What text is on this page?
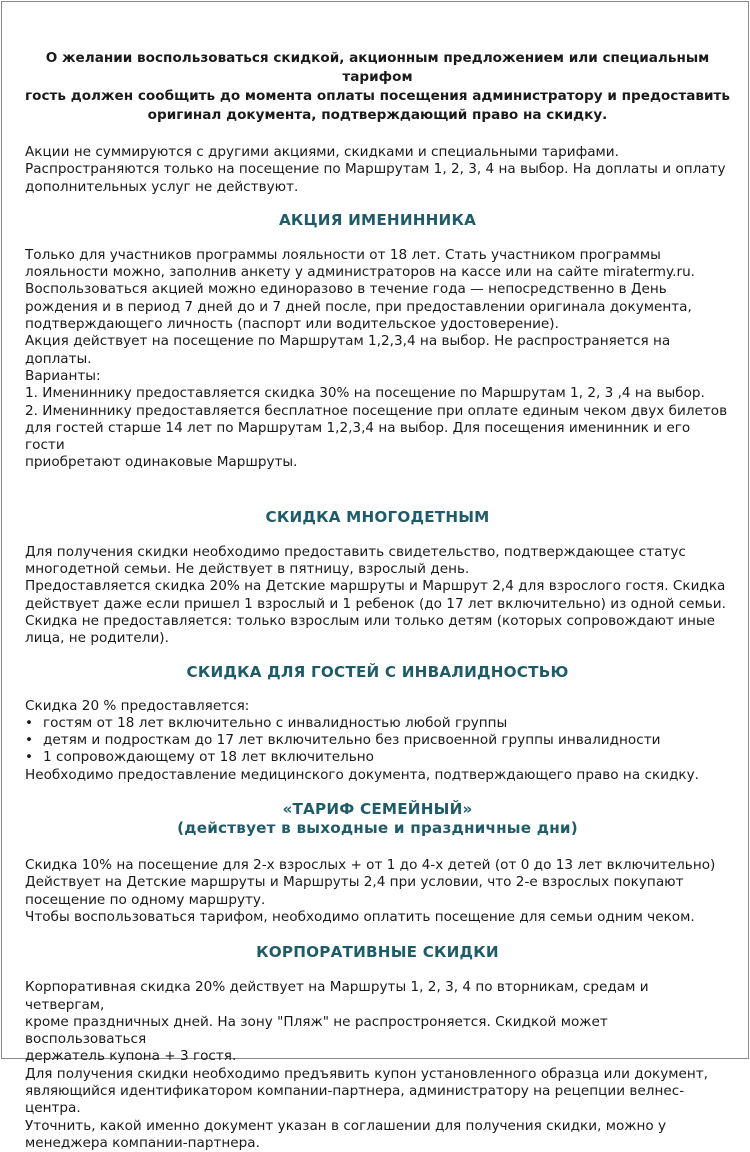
О желании воспользоваться скидкой, акционным предложением или специальным тарифом
гость должен сообщить до момента оплаты посещения администратору и предоставить
оригинал документа, подтверждающий право на скидку.
Акции не суммируются с другими акциями, скидками и специальными тарифами.
Распространяются только на посещение по Маршрутам 1, 2, 3, 4 на выбор. На доплаты и оплату
дополнительных услуг не действуют.
АКЦИЯ ИМЕНИННИКА
Только для участников программы лояльности от 18 лет. Стать участником программы
лояльности можно, заполнив анкету у администраторов на кассе или на сайте miratermy.ru.
Воспользоваться акцией можно единоразово в течение года — непосредственно в День
рождения и в период 7 дней до и 7 дней после, при предоставлении оригинала документа,
подтверждающего личность (паспорт или водительское удостоверение).
Акция действует на посещение по Маршрутам 1,2,3,4 на выбор. Не распространяется на доплаты.
Варианты:
1. Имениннику предоставляется скидка 30% на посещение по Маршрутам 1, 2, 3 ,4 на выбор.
2. Имениннику предоставляется бесплатное посещение при оплате единым чеком двух билетов
для гостей старше 14 лет по Маршрутам 1,2,3,4 на выбор. Для посещения именинник и его гости
приобретают одинаковые Маршруты.
СКИДКА МНОГОДЕТНЫМ
Для получения скидки необходимо предоставить свидетельство, подтверждающее статус
многодетной семьи. Не действует в пятницу, взрослый день.
Предоставляется скидка 20% на Детские маршруты и Маршрут 2,4 для взрослого гостя. Скидка
действует даже если пришел 1 взрослый и 1 ребенок (до 17 лет включительно) из одной семьи.
Скидка не предоставляется: только взрослым или только детям (которых сопровождают иные
лица, не родители).
СКИДКА ДЛЯ ГОСТЕЙ С ИНВАЛИДНОСТЬЮ
Скидка 20 % предоставляется:
• гостям от 18 лет включительно с инвалидностью любой группы
• детям и подросткам до 17 лет включительно без присвоенной группы инвалидности
• 1 сопровождающему от 18 лет включительно
Необходимо предоставление медицинского документа, подтверждающего право на скидку.
«ТАРИФ СЕМЕЙНЫЙ»
(действует в выходные и праздничные дни)
Скидка 10% на посещение для 2-х взрослых + от 1 до 4-х детей (от 0 до 13 лет включительно)
Действует на Детские маршруты и Маршруты 2,4 при условии, что 2-е взрослых покупают
посещение по одному маршруту.
Чтобы воспользоваться тарифом, необходимо оплатить посещение для семьи одним чеком.
КОРПОРАТИВНЫЕ СКИДКИ
Корпоративная скидка 20% действует на Маршруты 1, 2, 3, 4 по вторникам, средам и четвергам,
кроме праздничных дней. На зону "Пляж" не распростроняется. Скидкой может воспользоваться
держатель купона + 3 гостя.
Для получения скидки необходимо предъявить купон установленного образца или документ,
являющийся идентификатором компании-партнера, администратору на рецепции велнес-центра.
Уточнить, какой именно документ указан в соглашении для получения скидки, можно у
менеджера компании-партнера.
